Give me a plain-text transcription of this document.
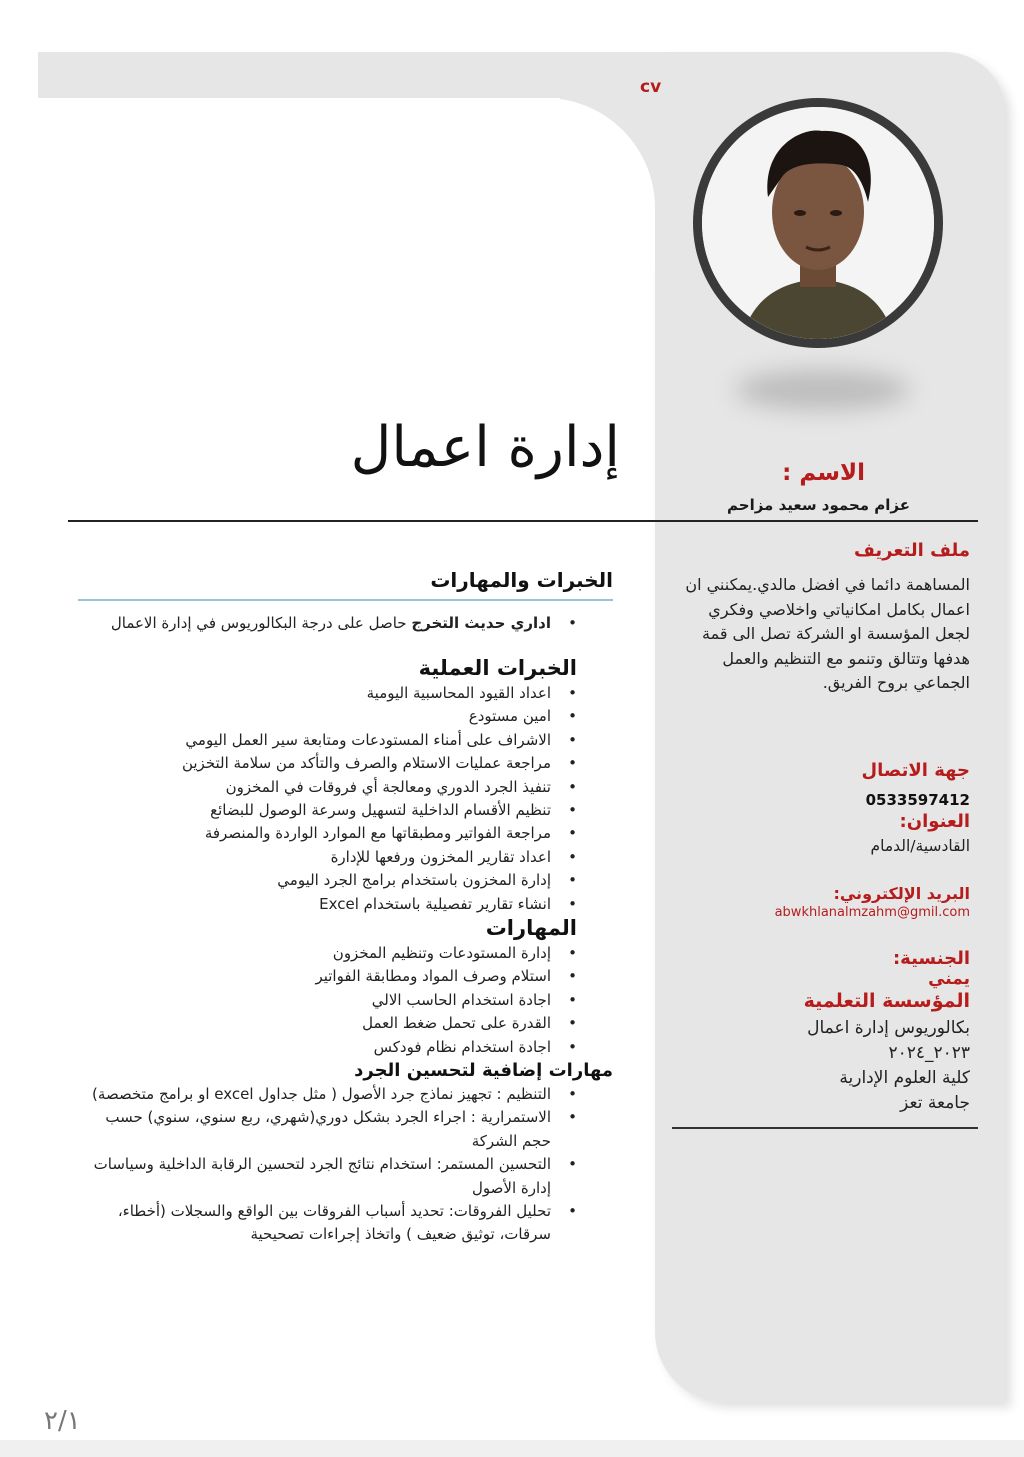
cv
إدارة اعمال	الاسم :
عزام محمود سعيد مزاحم

ملف التعريف

المساهمة دائما في افضل مالدي.يمكنني ان اعمال بكامل امكانياتي واخلاصي وفكري لجعل المؤسسة او الشركة تصل الى قمة هدفها وتتالق وتنمو مع التنظيم والعمل الجماعي بروح الفريق.

جهة الاتصال

0533597412

العنوان:

القادسية/الدمام

البريد الإلكتروني:

abwkhlanalmzahm@gmil.com

الجنسية:

يمني

المؤسسة التعلمية

بكالوريوس إدارة اعمال

٢٠٢٣_٢٠٢٤

كلية العلوم الإدارية

جامعة تعز

الخبرات والمهارات

• اداري حديث التخرج حاصل على درجة البكالوريوس في إدارة الاعمال

الخبرات العملية

• اعداد القيود المحاسبية اليومية
• امين مستودع
• الاشراف على أمناء المستودعات ومتابعة سير العمل اليومي
• مراجعة عمليات الاستلام والصرف والتأكد من سلامة التخزين
• تنفيذ الجرد الدوري ومعالجة أي فروقات في المخزون
• تنظيم الأقسام الداخلية لتسهيل وسرعة الوصول للبضائع
• مراجعة الفواتير ومطبقاتها مع الموارد الواردة والمنصرفة
• اعداد تقارير المخزون ورفعها للإدارة
• إدارة المخزون باستخدام برامج الجرد اليومي
• انشاء تقارير تفصيلية باستخدام Excel

المهارات

• إدارة المستودعات وتنظيم المخزون
• استلام وصرف المواد ومطابقة الفواتير
• اجادة استخدام الحاسب الالي
• القدرة على تحمل ضغط العمل
• اجادة استخدام نظام فودكس

مهارات إضافية لتحسين الجرد

• التنظيم : تجهيز نماذج جرد الأصول ( مثل جداول excel او برامج متخصصة)
• الاستمرارية : اجراء الجرد بشكل دوري(شهري، ربع سنوي، سنوي) حسب حجم الشركة
• التحسين المستمر: استخدام نتائج الجرد لتحسين الرقابة الداخلية وسياسات إدارة الأصول
• تحليل الفروقات: تحديد أسباب الفروقات بين الواقع والسجلات (أخطاء، سرقات، توثيق ضعيف ) واتخاذ إجراءات تصحيحية
٢/١
